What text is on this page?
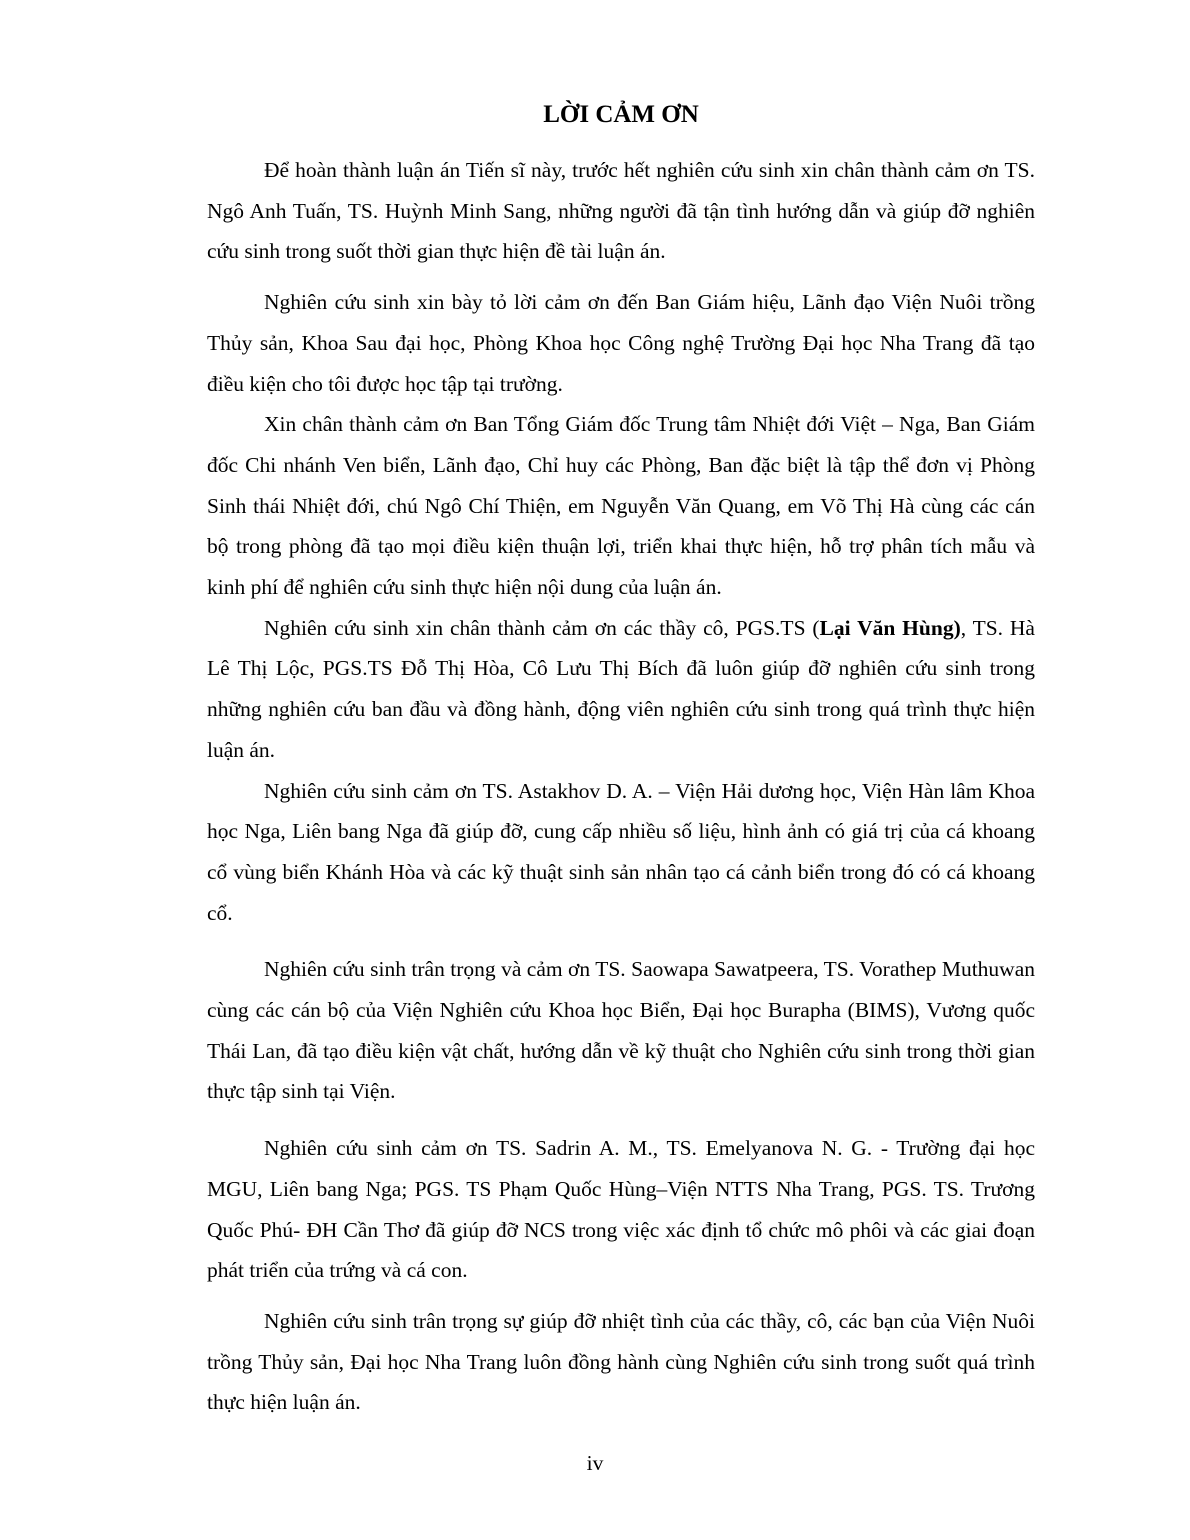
LỜI CẢM ƠN

Để hoàn thành luận án Tiến sĩ này, trước hết nghiên cứu sinh xin chân thành cảm ơn TS. Ngô Anh Tuấn, TS. Huỳnh Minh Sang, những người đã tận tình hướng dẫn và giúp đỡ nghiên cứu sinh trong suốt thời gian thực hiện đề tài luận án.

Nghiên cứu sinh xin bày tỏ lời cảm ơn đến Ban Giám hiệu, Lãnh đạo Viện Nuôi trồng Thủy sản, Khoa Sau đại học, Phòng Khoa học Công nghệ Trường Đại học Nha Trang đã tạo điều kiện cho tôi được học tập tại trường.

Xin chân thành cảm ơn Ban Tổng Giám đốc Trung tâm Nhiệt đới Việt – Nga, Ban Giám đốc Chi nhánh Ven biển, Lãnh đạo, Chỉ huy các Phòng, Ban đặc biệt là tập thể đơn vị Phòng Sinh thái Nhiệt đới, chú Ngô Chí Thiện, em Nguyễn Văn Quang, em Võ Thị Hà cùng các cán bộ trong phòng đã tạo mọi điều kiện thuận lợi, triển khai thực hiện, hỗ trợ phân tích mẫu và kinh phí để nghiên cứu sinh thực hiện nội dung của luận án.

Nghiên cứu sinh xin chân thành cảm ơn các thầy cô, PGS.TS (Lại Văn Hùng), TS. Hà Lê Thị Lộc, PGS.TS Đỗ Thị Hòa, Cô Lưu Thị Bích đã luôn giúp đỡ nghiên cứu sinh trong những nghiên cứu ban đầu và đồng hành, động viên nghiên cứu sinh trong quá trình thực hiện luận án.

Nghiên cứu sinh cảm ơn TS. Astakhov D. A. – Viện Hải dương học, Viện Hàn lâm Khoa học Nga, Liên bang Nga đã giúp đỡ, cung cấp nhiều số liệu, hình ảnh có giá trị của cá khoang cổ vùng biển Khánh Hòa và các kỹ thuật sinh sản nhân tạo cá cảnh biển trong đó có cá khoang cổ.

Nghiên cứu sinh trân trọng và cảm ơn TS. Saowapa Sawatpeera, TS. Vorathep Muthuwan cùng các cán bộ của Viện Nghiên cứu Khoa học Biển, Đại học Burapha (BIMS), Vương quốc Thái Lan, đã tạo điều kiện vật chất, hướng dẫn về kỹ thuật cho Nghiên cứu sinh trong thời gian thực tập sinh tại Viện.

Nghiên cứu sinh cảm ơn TS. Sadrin A. M., TS. Emelyanova N. G. - Trường đại học MGU, Liên bang Nga; PGS. TS Phạm Quốc Hùng–Viện NTTS Nha Trang, PGS. TS. Trương Quốc Phú- ĐH Cần Thơ đã giúp đỡ NCS trong việc xác định tổ chức mô phôi và các giai đoạn phát triển của trứng và cá con.

Nghiên cứu sinh trân trọng sự giúp đỡ nhiệt tình của các thầy, cô, các bạn của Viện Nuôi trồng Thủy sản, Đại học Nha Trang luôn đồng hành cùng Nghiên cứu sinh trong suốt quá trình thực hiện luận án.

iv
